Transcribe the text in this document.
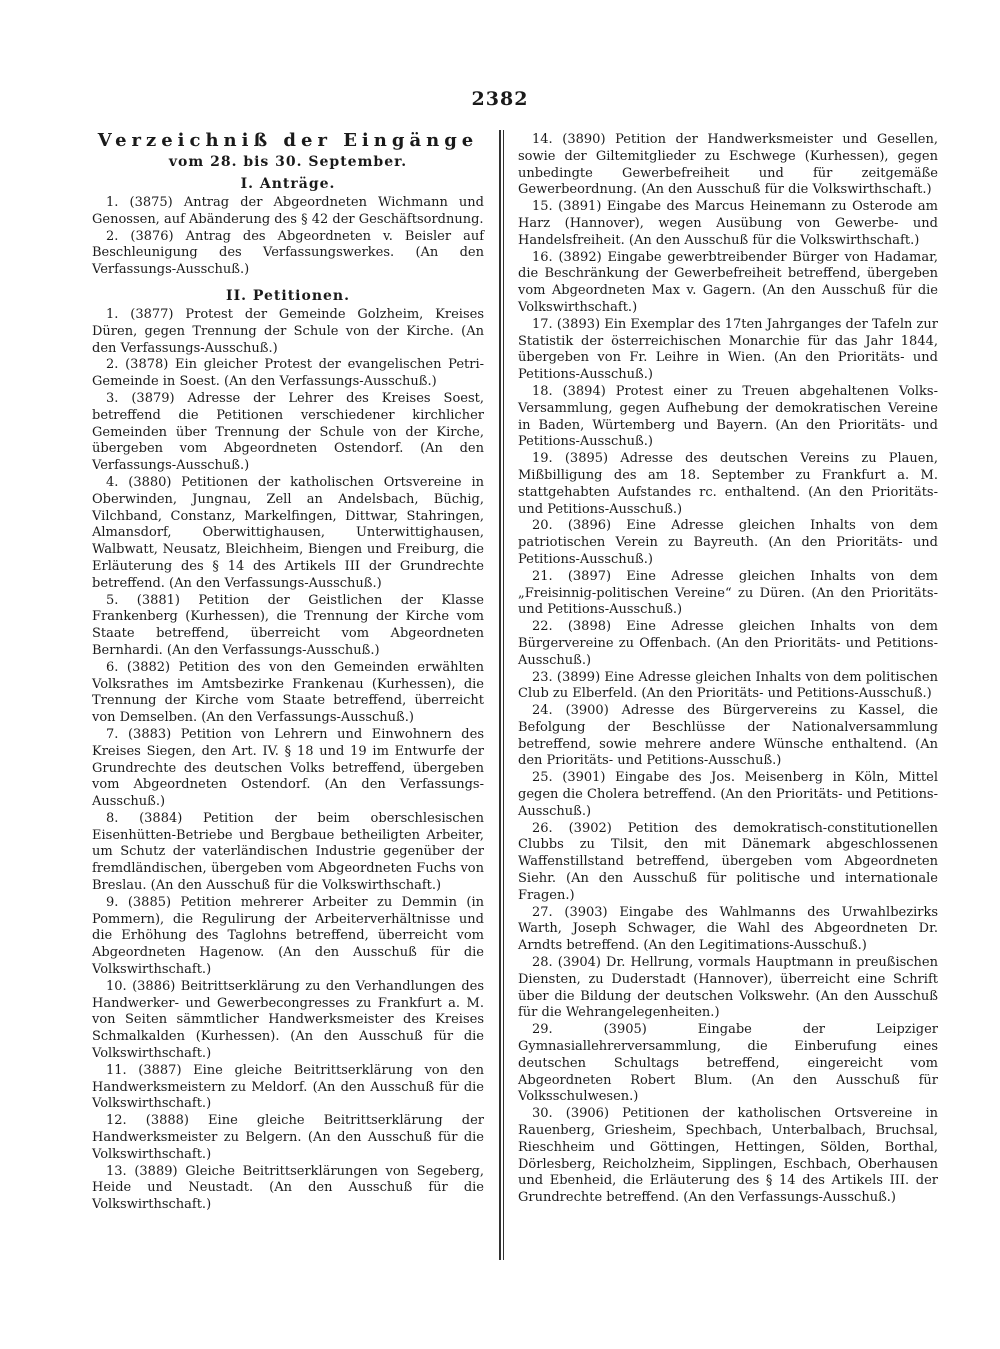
2382
Verzeichniß der Eingänge
vom 28. bis 30. September.
I. Anträge.

1. (3875) Antrag der Abgeordneten Wichmann und Genossen, auf Abänderung des § 42 der Geschäftsordnung.

2. (3876) Antrag des Abgeordneten v. Beisler auf Beschleunigung des Verfassungswerkes. (An den Verfassungs-Ausschuß.)

II. Petitionen.

1. (3877) Protest der Gemeinde Golzheim, Kreises Düren, gegen Trennung der Schule von der Kirche. (An den Verfassungs-Ausschuß.)

2. (3878) Ein gleicher Protest der evangelischen Petri-Gemeinde in Soest. (An den Verfassungs-Ausschuß.)

3. (3879) Adresse der Lehrer des Kreises Soest, betreffend die Petitionen verschiedener kirchlicher Gemeinden über Trennung der Schule von der Kirche, übergeben vom Abgeordneten Ostendorf. (An den Verfassungs-Ausschuß.)

4. (3880) Petitionen der katholischen Ortsvereine in Oberwinden, Jungnau, Zell an Andelsbach, Büchig, Vilchband, Constanz, Markelfingen, Dittwar, Stahringen, Almansdorf, Oberwittighausen, Unterwittighausen, Walbwatt, Neusatz, Bleichheim, Biengen und Freiburg, die Erläuterung des § 14 des Artikels III der Grundrechte betreffend. (An den Verfassungs-Ausschuß.)

5. (3881) Petition der Geistlichen der Klasse Frankenberg (Kurhessen), die Trennung der Kirche vom Staate betreffend, überreicht vom Abgeordneten Bernhardi. (An den Verfassungs-Ausschuß.)

6. (3882) Petition des von den Gemeinden erwählten Volksrathes im Amtsbezirke Frankenau (Kurhessen), die Trennung der Kirche vom Staate betreffend, überreicht von Demselben. (An den Verfassungs-Ausschuß.)

7. (3883) Petition von Lehrern und Einwohnern des Kreises Siegen, den Art. IV. § 18 und 19 im Entwurfe der Grundrechte des deutschen Volks betreffend, übergeben vom Abgeordneten Ostendorf. (An den Verfassungs-Ausschuß.)

8. (3884) Petition der beim oberschlesischen Eisenhütten-Betriebe und Bergbaue betheiligten Arbeiter, um Schutz der vaterländischen Industrie gegenüber der fremdländischen, übergeben vom Abgeordneten Fuchs von Breslau. (An den Ausschuß für die Volkswirthschaft.)

9. (3885) Petition mehrerer Arbeiter zu Demmin (in Pommern), die Regulirung der Arbeiterverhältnisse und die Erhöhung des Taglohns betreffend, überreicht vom Abgeordneten Hagenow. (An den Ausschuß für die Volkswirthschaft.)

10. (3886) Beitrittserklärung zu den Verhandlungen des Handwerker- und Gewerbecongresses zu Frankfurt a. M. von Seiten sämmtlicher Handwerksmeister des Kreises Schmalkalden (Kurhessen). (An den Ausschuß für die Volkswirthschaft.)

11. (3887) Eine gleiche Beitrittserklärung von den Handwerksmeistern zu Meldorf. (An den Ausschuß für die Volkswirthschaft.)

12. (3888) Eine gleiche Beitrittserklärung der Handwerksmeister zu Belgern. (An den Ausschuß für die Volkswirthschaft.)

13. (3889) Gleiche Beitrittserklärungen von Segeberg, Heide und Neustadt. (An den Ausschuß für die Volkswirthschaft.)

14. (3890) Petition der Handwerksmeister und Gesellen, sowie der Giltemitglieder zu Eschwege (Kurhessen), gegen unbedingte Gewerbefreiheit und für zeitgemäße Gewerbeordnung. (An den Ausschuß für die Volkswirthschaft.)

15. (3891) Eingabe des Marcus Heinemann zu Osterode am Harz (Hannover), wegen Ausübung von Gewerbe- und Handelsfreiheit. (An den Ausschuß für die Volkswirthschaft.)

16. (3892) Eingabe gewerbtreibender Bürger von Hadamar, die Beschränkung der Gewerbefreiheit betreffend, übergeben vom Abgeordneten Max v. Gagern. (An den Ausschuß für die Volkswirthschaft.)

17. (3893) Ein Exemplar des 17ten Jahrganges der Tafeln zur Statistik der österreichischen Monarchie für das Jahr 1844, übergeben von Fr. Leihre in Wien. (An den Prioritäts- und Petitions-Ausschuß.)

18. (3894) Protest einer zu Treuen abgehaltenen Volks-Versammlung, gegen Aufhebung der demokratischen Vereine in Baden, Würtemberg und Bayern. (An den Prioritäts- und Petitions-Ausschuß.)

19. (3895) Adresse des deutschen Vereins zu Plauen, Mißbilligung des am 18. September zu Frankfurt a. M. stattgehabten Aufstandes rc. enthaltend. (An den Prioritäts- und Petitions-Ausschuß.)

20. (3896) Eine Adresse gleichen Inhalts von dem patriotischen Verein zu Bayreuth. (An den Prioritäts- und Petitions-Ausschuß.)

21. (3897) Eine Adresse gleichen Inhalts von dem „Freisinnig-politischen Vereine“ zu Düren. (An den Prioritäts- und Petitions-Ausschuß.)

22. (3898) Eine Adresse gleichen Inhalts von dem Bürgervereine zu Offenbach. (An den Prioritäts- und Petitions-Ausschuß.)

23. (3899) Eine Adresse gleichen Inhalts von dem politischen Club zu Elberfeld. (An den Prioritäts- und Petitions-Ausschuß.)

24. (3900) Adresse des Bürgervereins zu Kassel, die Befolgung der Beschlüsse der Nationalversammlung betreffend, sowie mehrere andere Wünsche enthaltend. (An den Prioritäts- und Petitions-Ausschuß.)

25. (3901) Eingabe des Jos. Meisenberg in Köln, Mittel gegen die Cholera betreffend. (An den Prioritäts- und Petitions-Ausschuß.)

26. (3902) Petition des demokratisch-constitutionellen Clubbs zu Tilsit, den mit Dänemark abgeschlossenen Waffenstillstand betreffend, übergeben vom Abgeordneten Siehr. (An den Ausschuß für politische und internationale Fragen.)

27. (3903) Eingabe des Wahlmanns des Urwahlbezirks Warth, Joseph Schwager, die Wahl des Abgeordneten Dr. Arndts betreffend. (An den Legitimations-Ausschuß.)

28. (3904) Dr. Hellrung, vormals Hauptmann in preußischen Diensten, zu Duderstadt (Hannover), überreicht eine Schrift über die Bildung der deutschen Volkswehr. (An den Ausschuß für die Wehrangelegenheiten.)

29. (3905) Eingabe der Leipziger Gymnasiallehrerversammlung, die Einberufung eines deutschen Schultags betreffend, eingereicht vom Abgeordneten Robert Blum. (An den Ausschuß für Volksschulwesen.)

30. (3906) Petitionen der katholischen Ortsvereine in Rauenberg, Griesheim, Spechbach, Unterbalbach, Bruchsal, Rieschheim und Göttingen, Hettingen, Sölden, Borthal, Dörlesberg, Reicholzheim, Sipplingen, Eschbach, Oberhausen und Ebenheid, die Erläuterung des § 14 des Artikels III. der Grundrechte betreffend. (An den Verfassungs-Ausschuß.)
